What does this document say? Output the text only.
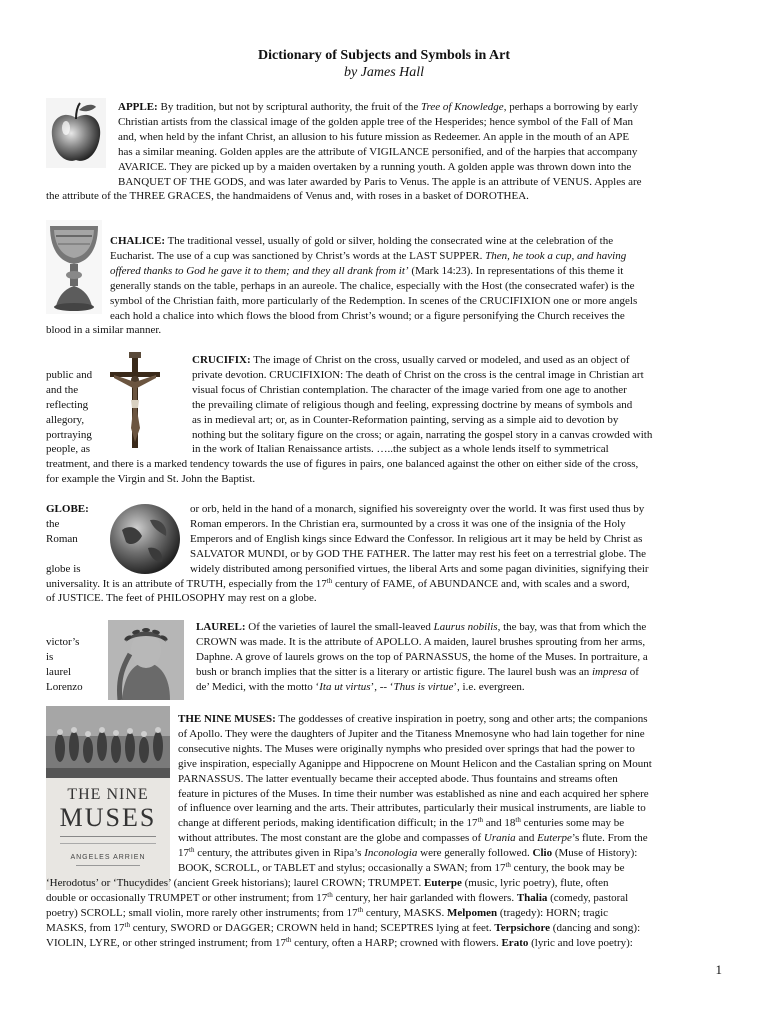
Dictionary of Subjects and Symbols in Art
by James Hall
APPLE: By tradition, but not by scriptural authority, the fruit of the Tree of Knowledge, perhaps a borrowing by early
Christian artists from the classical image of the golden apple tree of the Hesperides; hence symbol of the Fall of Man
and, when held by the infant Christ, an allusion to his future mission as Redeemer. An apple in the mouth of an APE
has a similar meaning. Golden apples are the attribute of VIGILANCE personified, and of the harpies that accompany
AVARICE. They are picked up by a maiden overtaken by a running youth. A golden apple was thrown down into the
BANQUET OF THE GODS, and was later awarded by Paris to Venus. The apple is an attribute of VENUS. Apples are
the attribute of the THREE GRACES, the handmaidens of Venus and, with roses in a basket of DOROTHEA.
CHALICE: The traditional vessel, usually of gold or silver, holding the consecrated wine at the celebration of the
Eucharist. The use of a cup was sanctioned by Christ’s words at the LAST SUPPER. Then, he took a cup, and having
offered thanks to God he gave it to them; and they all drank from it’ (Mark 14:23). In representations of this theme it
generally stands on the table, perhaps in an aureole. The chalice, especially with the Host (the consecrated wafer) is the
symbol of the Christian faith, more particularly of the Redemption. In scenes of the CRUCIFIXION one or more angels
each hold a chalice into which flows the blood from Christ’s wound; or a figure personifying the Church receives the
blood in a similar manner.
CRUCIFIX: The image of Christ on the cross, usually carved or modeled, and used as an object of
public and
and the
reflecting
allegory,
portraying
people, as
private devotion. CRUCIFIXION: The death of Christ on the cross is the central image in Christian art
visual focus of Christian contemplation. The character of the image varied from one age to another
the prevailing climate of religious though and feeling, expressing doctrine by means of symbols and
as in medieval art; or, as in Counter-Reformation painting, serving as a simple aid to devotion by
nothing but the solitary figure on the cross; or again, narrating the gospel story in a canvas crowded with
in the work of Italian Renaissance artists. …..the subject as a whole lends itself to symmetrical
treatment, and there is a marked tendency towards the use of figures in pairs, one balanced against the other on either side of the cross,
for example the Virgin and St. John the Baptist.
GLOBE:	or orb, held in the hand of a monarch, signified his sovereignty over the world. It was first used thus by
the
Roman
globe is
Roman emperors. In the Christian era, surmounted by a cross it was one of the insignia of the Holy
Emperors and of English kings since Edward the Confessor. In religious art it may be held by Christ as
SALVATOR MUNDI, or by GOD THE FATHER. The latter may rest his feet on a terrestrial globe. The
widely distributed among personified virtues, the liberal Arts and some pagan divinities, signifying their
universality. It is an attribute of TRUTH, especially from the 17th century of FAME, of ABUNDANCE and, with scales and a sword,
of JUSTICE. The feet of PHILOSOPHY may rest on a globe.
LAUREL: Of the varieties of laurel the small-leaved Laurus nobilis, the bay, was that from which the
victor’s
is
laurel
Lorenzo
CROWN was made. It is the attribute of APOLLO. A maiden, laurel brushes sprouting from her arms,
Daphne. A grove of laurels grows on the top of PARNASSUS, the home of the Muses. In portraiture, a
bush or branch implies that the sitter is a literary or artistic figure. The laurel bush was an impresa of
de’ Medici, with the motto ‘Ita ut virtus’, -- ‘Thus is virtue’, i.e. evergreen.
THE NINE
MUSES
ANGELES ARRIEN
THE NINE MUSES: The goddesses of creative inspiration in poetry, song and other arts; the companions
of Apollo. They were the daughters of Jupiter and the Titaness Mnemosyne who had lain together for nine
consecutive nights. The Muses were originally nymphs who presided over springs that had the power to
give inspiration, especially Aganippe and Hippocrene on Mount Helicon and the Castalian spring on Mount
PARNASSUS. The latter eventually became their accepted abode. Thus fountains and streams often
feature in pictures of the Muses. In time their number was established as nine and each acquired her sphere
of influence over learning and the arts. Their attributes, particularly their musical instruments, are liable to
change at different periods, making identification difficult; in the 17th and 18th centuries some may be
without attributes. The most constant are the globe and compasses of Urania and Euterpe’s flute. From the
17th century, the attributes given in Ripa’s Inconologia were generally followed. Clio (Muse of History):
BOOK, SCROLL, or TABLET and stylus; occasionally a SWAN; from 17th century, the book may be
‘Herodotus’ or ‘Thucydides’ (ancient Greek historians); laurel CROWN; TRUMPET. Euterpe (music, lyric poetry), flute, often
double or occasionally TRUMPET or other instrument; from 17th century, her hair garlanded with flowers. Thalia (comedy, pastoral
poetry) SCROLL; small violin, more rarely other instruments; from 17th century, MASKS. Melpomen (tragedy): HORN; tragic
MASKS, from 17th century, SWORD or DAGGER; CROWN held in hand; SCEPTRES lying at feet. Terpsichore (dancing and song):
VIOLIN, LYRE, or other stringed instrument; from 17th century, often a HARP; crowned with flowers. Erato (lyric and love poetry):
1
